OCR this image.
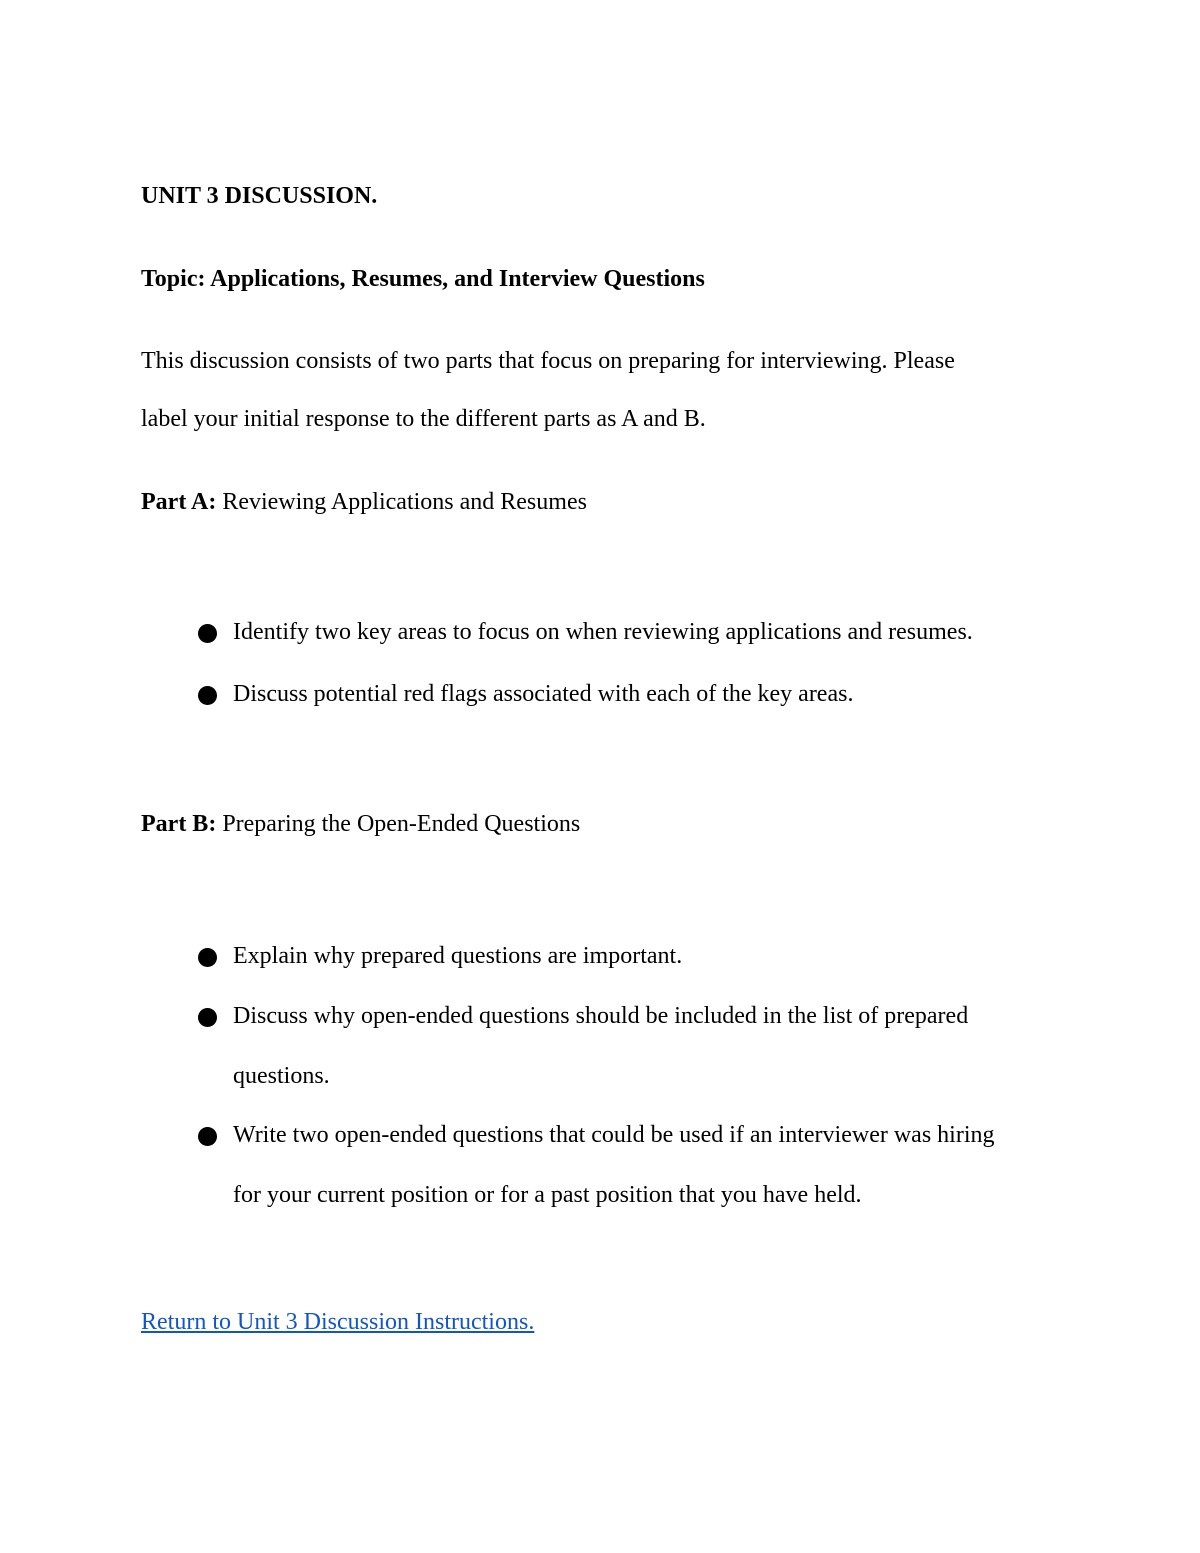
UNIT 3 DISCUSSION.
Topic: Applications, Resumes, and Interview Questions
This discussion consists of two parts that focus on preparing for interviewing. Please
label your initial response to the different parts as A and B.
Part A: Reviewing Applications and Resumes
Identify two key areas to focus on when reviewing applications and resumes.
Discuss potential red flags associated with each of the key areas.
Part B: Preparing the Open-Ended Questions
Explain why prepared questions are important.
Discuss why open-ended questions should be included in the list of prepared
questions.
Write two open-ended questions that could be used if an interviewer was hiring
for your current position or for a past position that you have held.
Return to Unit 3 Discussion Instructions.
